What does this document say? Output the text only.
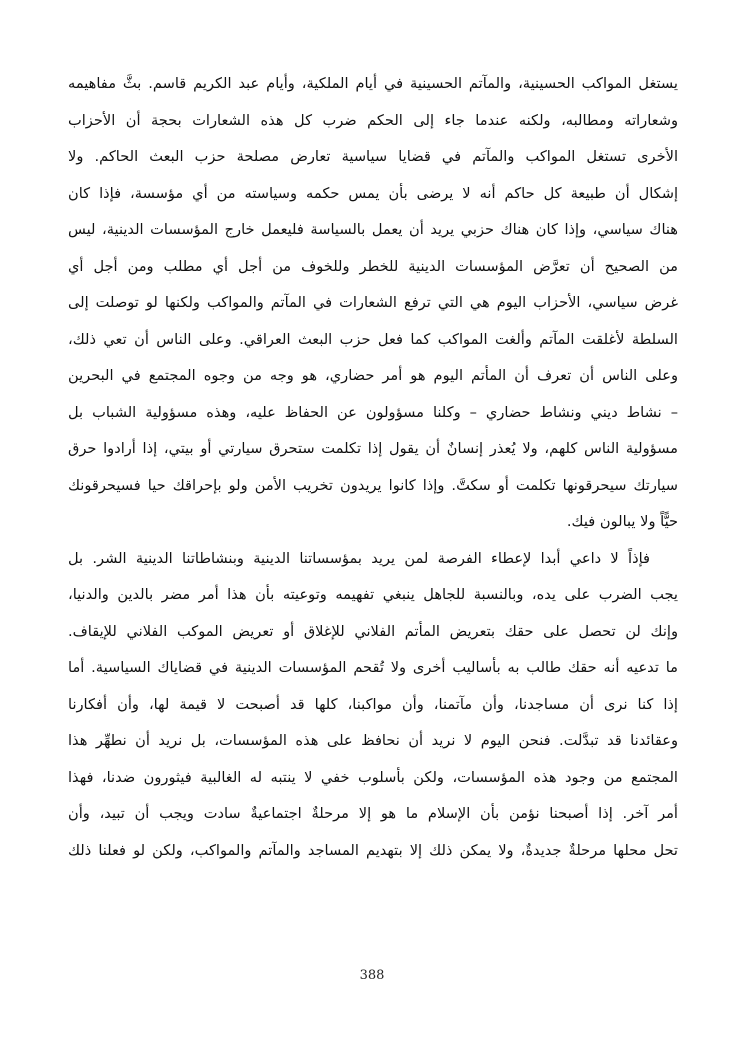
يستغل المواكب الحسينية، والمآتم الحسينية في أيام الملكية، وأيام عبد الكريم قاسم. بثَّ مفاهيمه
وشعاراته ومطالبه، ولكنه عندما جاء إلى الحكم ضرب كل هذه الشعارات بحجة أن الأحزاب
الأخرى تستغل المواكب والمآتم في قضايا سياسية تعارض مصلحة حزب البعث الحاكم. ولا
إشكال أن طبيعة كل حاكم أنه لا يرضى بأن يمس حكمه وسياسته من أي مؤسسة، فإذا كان
هناك سياسي، وإذا كان هناك حزبي يريد أن يعمل بالسياسة فليعمل خارج المؤسسات الدينية، ليس
من الصحيح أن تعرَّض المؤسسات الدينية للخطر وللخوف من أجل أي مطلب ومن أجل أي
غرض سياسي، الأحزاب اليوم هي التي ترفع الشعارات في المآتم والمواكب ولكنها لو توصلت إلى
السلطة لأغلقت المآتم وألغت المواكب كما فعل حزب البعث العراقي. وعلى الناس أن تعي ذلك،
وعلى الناس أن تعرف أن المأتم اليوم هو أمر حضاري، هو وجه من وجوه المجتمع في البحرين
– نشاط ديني ونشاط حضاري – وكلنا مسؤولون عن الحفاظ عليه، وهذه مسؤولية الشباب بل
مسؤولية الناس كلهم، ولا يُعذر إنسانٌ أن يقول إذا تكلمت ستحرق سيارتي أو بيتي، إذا أرادوا حرق
سيارتك سيحرقونها تكلمت أو سكتَّ. وإذا كانوا يريدون تخريب الأمن ولو بإحراقك حيا فسيحرقونك
حيًّاً ولا يبالون فيك.
فإذاً لا داعي أبدا لإعطاء الفرصة لمن يريد بمؤسساتنا الدينية وبنشاطاتنا الدينية الشر. بل
يجب الضرب على يده، وبالنسبة للجاهل ينبغي تفهيمه وتوعيته بأن هذا أمر مضر بالدين والدنيا،
وإنك لن تحصل على حقك بتعريض المأتم الفلاني للإغلاق أو تعريض الموكب الفلاني للإيقاف.
ما تدعيه أنه حقك طالب به بأساليب أخرى ولا تُقحم المؤسسات الدينية في قضاياك السياسية. أما
إذا كنا نرى أن مساجدنا، وأن مآتمنا، وأن مواكبنا، كلها قد أصبحت لا قيمة لها، وأن أفكارنا
وعقائدنا قد تبدَّلت. فنحن اليوم لا نريد أن نحافظ على هذه المؤسسات، بل نريد أن نطهِّر هذا
المجتمع من وجود هذه المؤسسات، ولكن بأسلوب خفي لا ينتبه له الغالبية فيثورون ضدنا، فهذا
أمر آخر. إذا أصبحنا نؤمن بأن الإسلام ما هو إلا مرحلةٌ اجتماعيةٌ سادت ويجب أن تبيد، وأن
تحل محلها مرحلةٌ جديدةٌ، ولا يمكن ذلك إلا بتهديم المساجد والمآتم والمواكب، ولكن لو فعلنا ذلك
388
